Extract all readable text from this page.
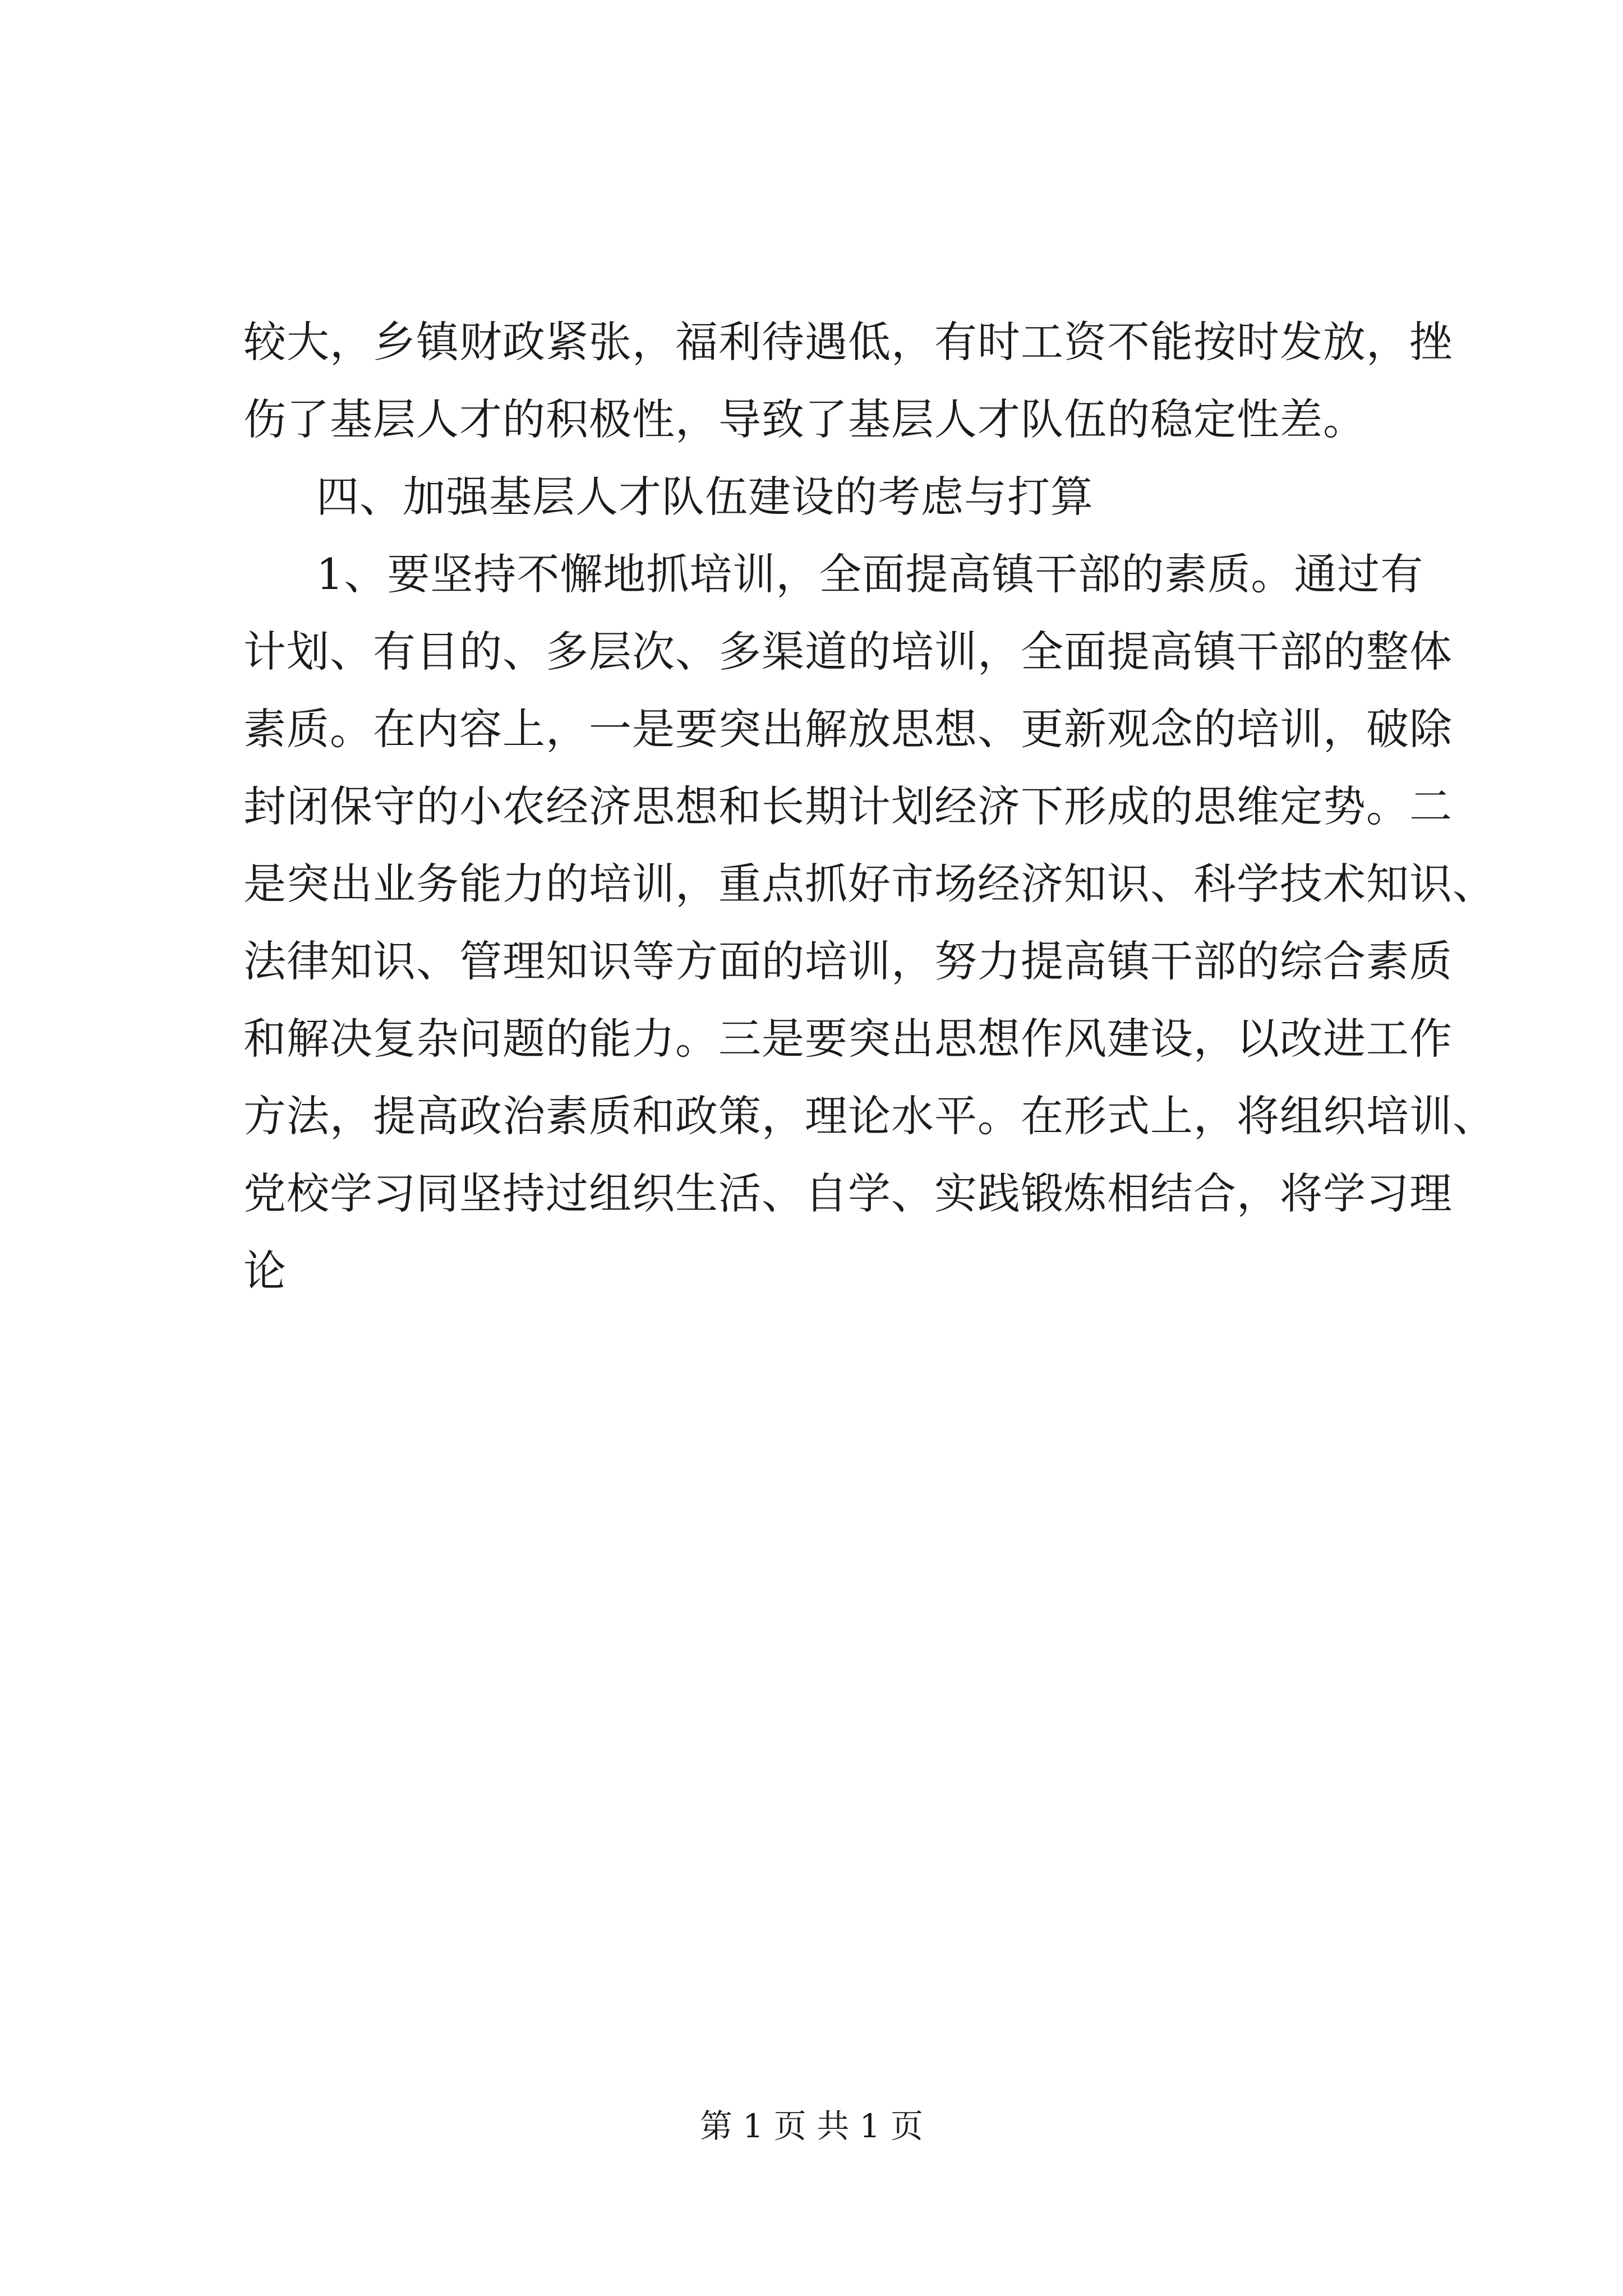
较大，乡镇财政紧张，福利待遇低，有时工资不能按时发放，挫
伤了基层人才的积极性，导致了基层人才队伍的稳定性差。
四、加强基层人才队伍建设的考虑与打算
1、要坚持不懈地抓培训，全面提高镇干部的素质。通过有
计划、有目的、多层次、多渠道的培训，全面提高镇干部的整体
素质。在内容上，一是要突出解放思想、更新观念的培训，破除
封闭保守的小农经济思想和长期计划经济下形成的思维定势。二
是突出业务能力的培训，重点抓好市场经济知识、科学技术知识、
法律知识、管理知识等方面的培训，努力提高镇干部的综合素质
和解决复杂问题的能力。三是要突出思想作风建设，以改进工作
方法，提高政治素质和政策，理论水平。在形式上，将组织培训、
党校学习同坚持过组织生活、自学、实践锻炼相结合，将学习理
论
第 1 页 共 1 页
